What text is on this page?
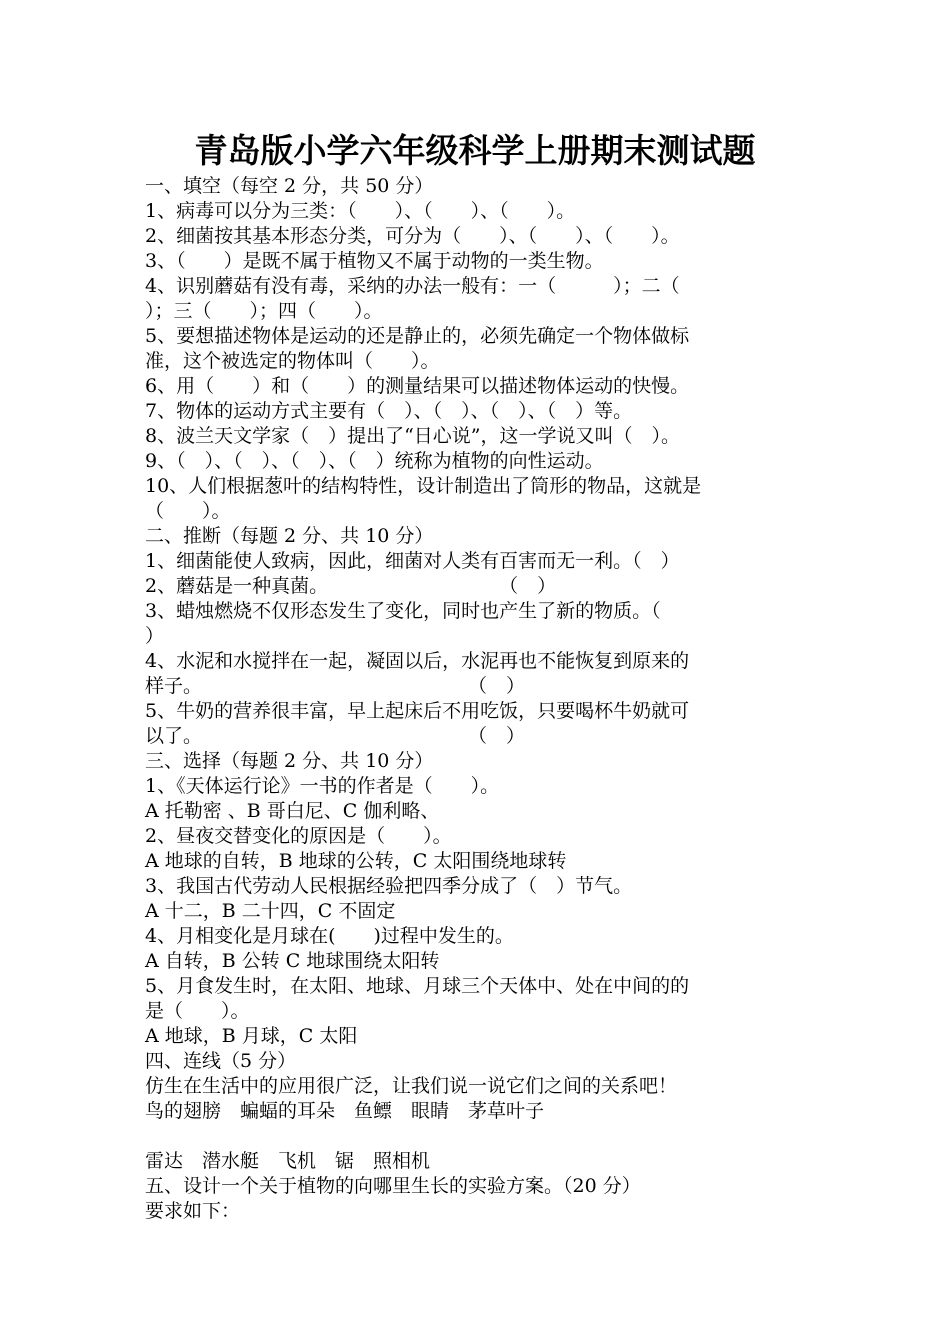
青岛版小学六年级科学上册期末测试题
一、填空（每空 2 分，共 50 分）
1、病毒可以分为三类：（　　）、（　　）、（　　）。
2、细菌按其基本形态分类，可分为（　　）、（　　）、（　　）。
3、（　　）是既不属于植物又不属于动物的一类生物。
4、识别蘑菇有没有毒，采纳的办法一般有：一（　　　）；二（
）；三（　　）；四（　　）。
5、要想描述物体是运动的还是静止的，必须先确定一个物体做标
准，这个被选定的物体叫（　　）。
6、用（　　）和（　　）的测量结果可以描述物体运动的快慢。
7、物体的运动方式主要有（　）、（　）、（　）、（　）等。
8、波兰天文学家（　）提出了“日心说”，这一学说又叫（　）。
9、（　）、（　）、（　）、（　）统称为植物的向性运动。
10、人们根据葱叶的结构特性，设计制造出了筒形的物品，这就是
（　　）。
二、推断（每题 2 分、共 10 分）
1、细菌能使人致病，因此，细菌对人类有百害而无一利。（　）
2、蘑菇是一种真菌。　　　　　　　　　　（　）
3、蜡烛燃烧不仅形态发生了变化，同时也产生了新的物质。（
）
4、水泥和水搅拌在一起，凝固以后，水泥再也不能恢复到原来的
样子。　　　　　　　　　　　　　　　（　）
5、牛奶的营养很丰富，早上起床后不用吃饭，只要喝杯牛奶就可
以了。　　　　　　　　　　　　　　　（　）
三、选择（每题 2 分、共 10 分）
1、《天体运行论》一书的作者是（　　）。
A 托勒密 、B 哥白尼、C 伽利略、
2、昼夜交替变化的原因是（　　）。
A 地球的自转，B 地球的公转，C 太阳围绕地球转
3、我国古代劳动人民根据经验把四季分成了（　）节气。
A 十二，B 二十四，C 不固定
4、月相变化是月球在(　　)过程中发生的。
A 自转，B 公转 C 地球围绕太阳转
5、月食发生时，在太阳、地球、月球三个天体中、处在中间的的
是（　　）。
A 地球，B 月球，C 太阳
四、连线（5 分）
仿生在生活中的应用很广泛，让我们说一说它们之间的关系吧！
鸟的翅膀　蝙蝠的耳朵　鱼鳔　眼睛　茅草叶子
雷达　潜水艇　飞机　锯　照相机
五、设计一个关于植物的向哪里生长的实验方案。（20 分）
要求如下：
